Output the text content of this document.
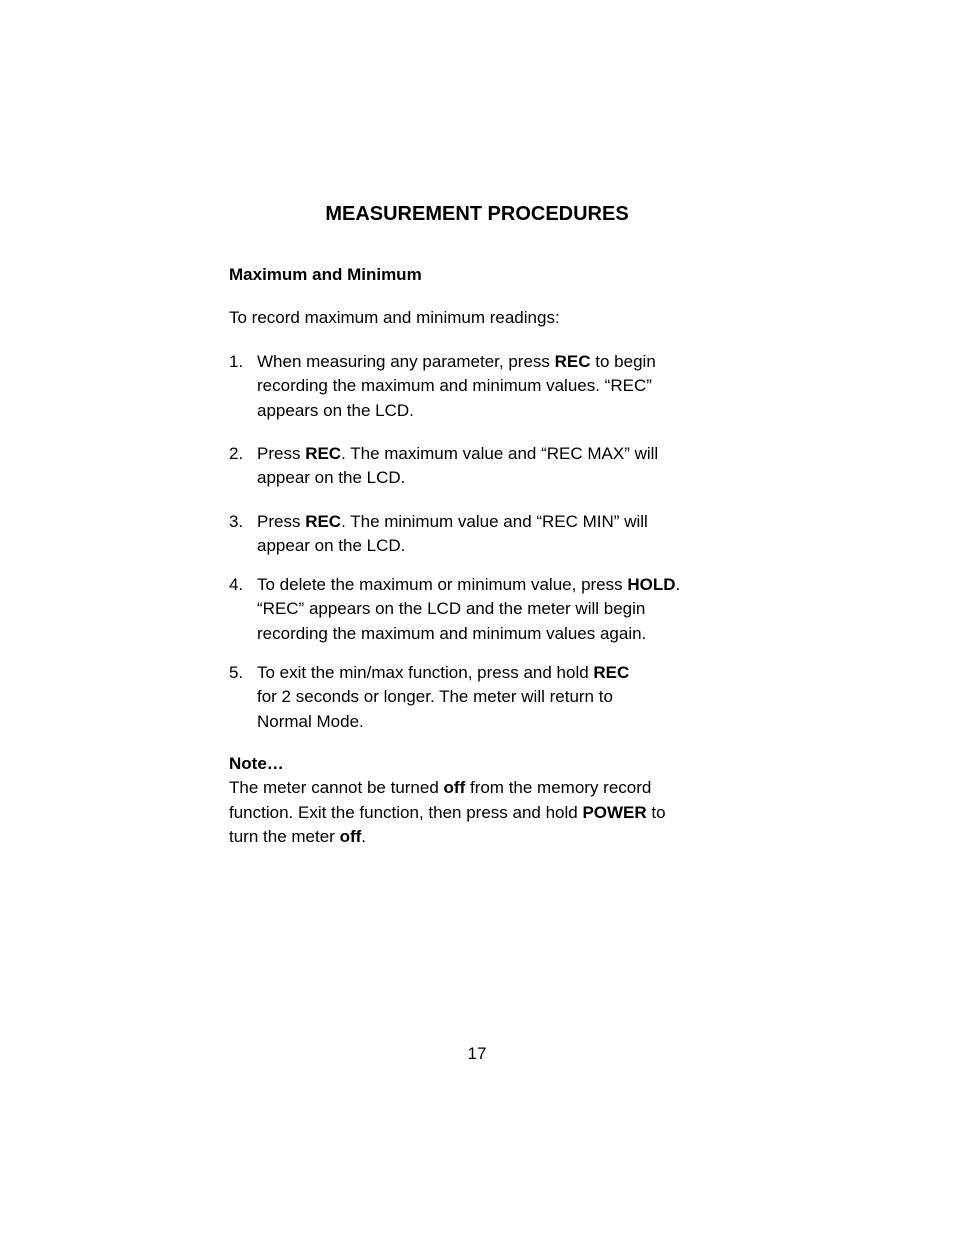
MEASUREMENT PROCEDURES
Maximum and Minimum

To record maximum and minimum readings:

1. When measuring any parameter, press REC to begin
recording the maximum and minimum values. “REC”
appears on the LCD.
2. Press REC. The maximum value and “REC MAX” will
appear on the LCD.
3. Press REC. The minimum value and “REC MIN” will
appear on the LCD.
4. To delete the maximum or minimum value, press HOLD.
“REC” appears on the LCD and the meter will begin
recording the maximum and minimum values again.
5. To exit the min/max function, press and hold REC
for 2 seconds or longer. The meter will return to
Normal Mode.
Note…
The meter cannot be turned off from the memory record
function. Exit the function, then press and hold POWER to
turn the meter off.

17
